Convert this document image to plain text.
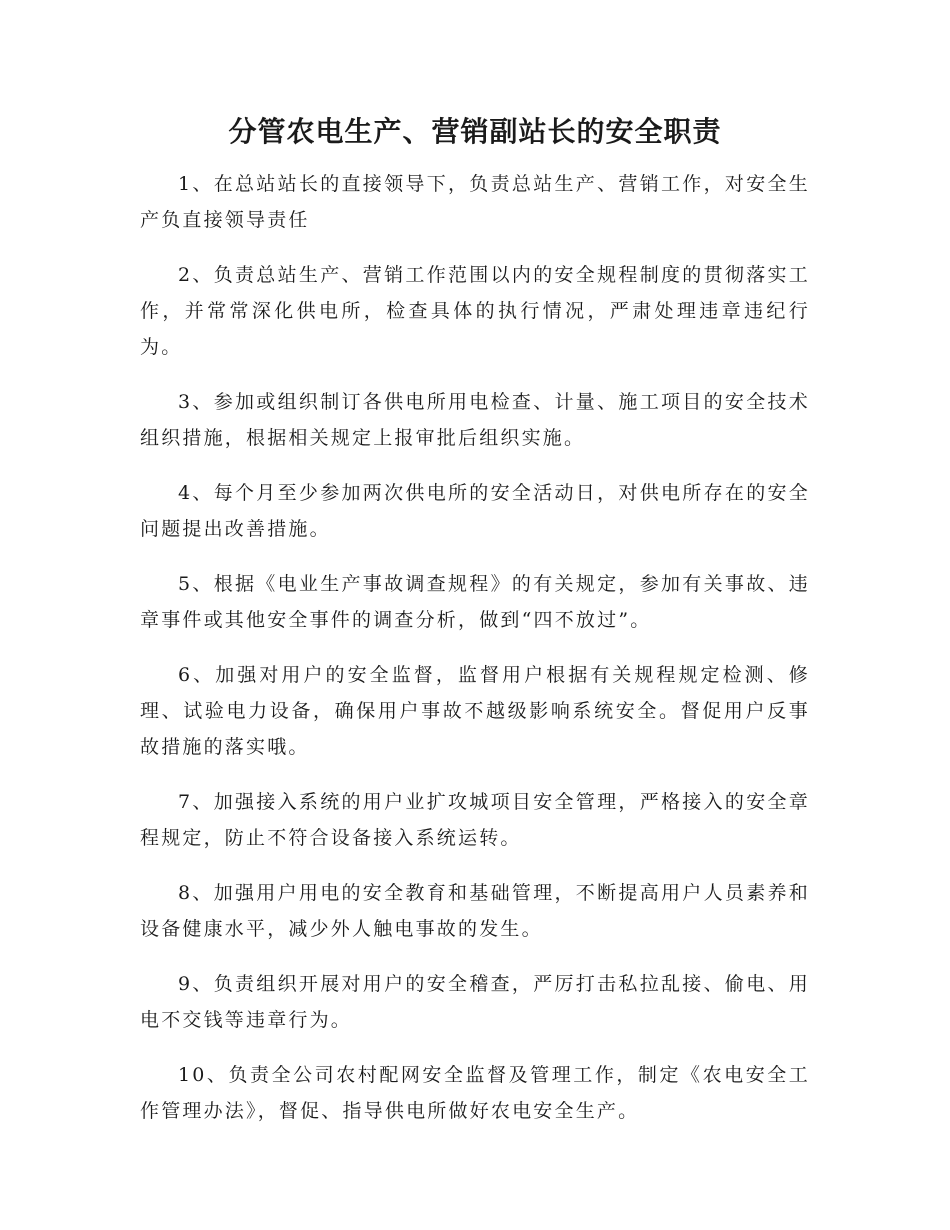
分管农电生产、营销副站长的安全职责

1、在总站站长的直接领导下，负责总站生产、营销工作，对安全生产负直接领导责任

2、负责总站生产、营销工作范围以内的安全规程制度的贯彻落实工作，并常常深化供电所，检查具体的执行情况，严肃处理违章违纪行为。

3、参加或组织制订各供电所用电检查、计量、施工项目的安全技术组织措施，根据相关规定上报审批后组织实施。

4、每个月至少参加两次供电所的安全活动日，对供电所存在的安全问题提出改善措施。

5、根据《电业生产事故调查规程》的有关规定，参加有关事故、违章事件或其他安全事件的调查分析，做到“四不放过”。

6、加强对用户的安全监督，监督用户根据有关规程规定检测、修理、试验电力设备，确保用户事故不越级影响系统安全。督促用户反事故措施的落实哦。

7、加强接入系统的用户业扩攻城项目安全管理，严格接入的安全章程规定，防止不符合设备接入系统运转。

8、加强用户用电的安全教育和基础管理，不断提高用户人员素养和设备健康水平，减少外人触电事故的发生。

9、负责组织开展对用户的安全稽查，严厉打击私拉乱接、偷电、用电不交钱等违章行为。

10、负责全公司农村配网安全监督及管理工作，制定《农电安全工作管理办法》，督促、指导供电所做好农电安全生产。
